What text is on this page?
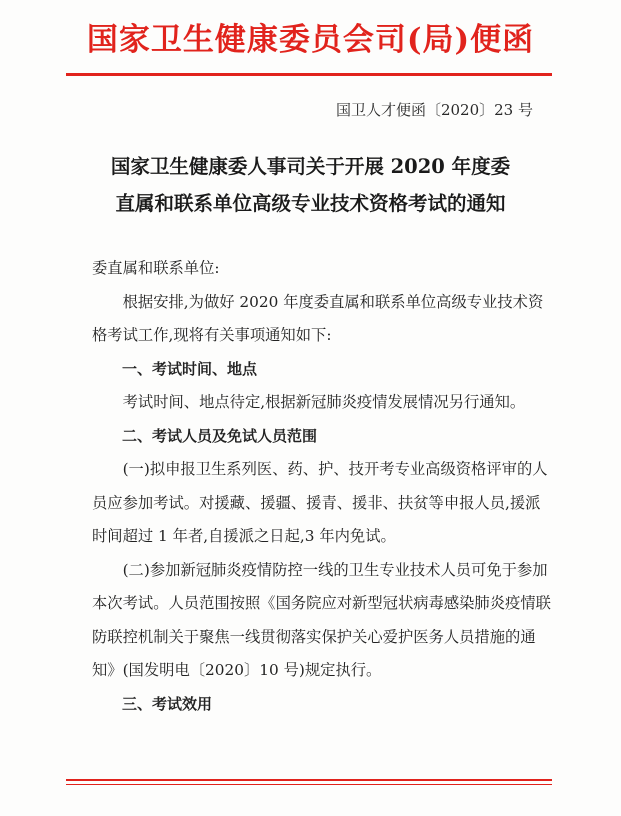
国家卫生健康委员会司(局)便函
国卫人才便函〔2020〕23 号
国家卫生健康委人事司关于开展 2020 年度委
直属和联系单位高级专业技术资格考试的通知

委直属和联系单位:

根据安排,为做好 2020 年度委直属和联系单位高级专业技术资格考试工作,现将有关事项通知如下:

一、考试时间、地点

考试时间、地点待定,根据新冠肺炎疫情发展情况另行通知。

二、考试人员及免试人员范围

(一)拟申报卫生系列医、药、护、技开考专业高级资格评审的人员应参加考试。对援藏、援疆、援青、援非、扶贫等申报人员,援派时间超过 1 年者,自援派之日起,3 年内免试。

(二)参加新冠肺炎疫情防控一线的卫生专业技术人员可免于参加本次考试。人员范围按照《国务院应对新型冠状病毒感染肺炎疫情联防联控机制关于聚焦一线贯彻落实保护关心爱护医务人员措施的通知》(国发明电〔2020〕10 号)规定执行。

三、考试效用
